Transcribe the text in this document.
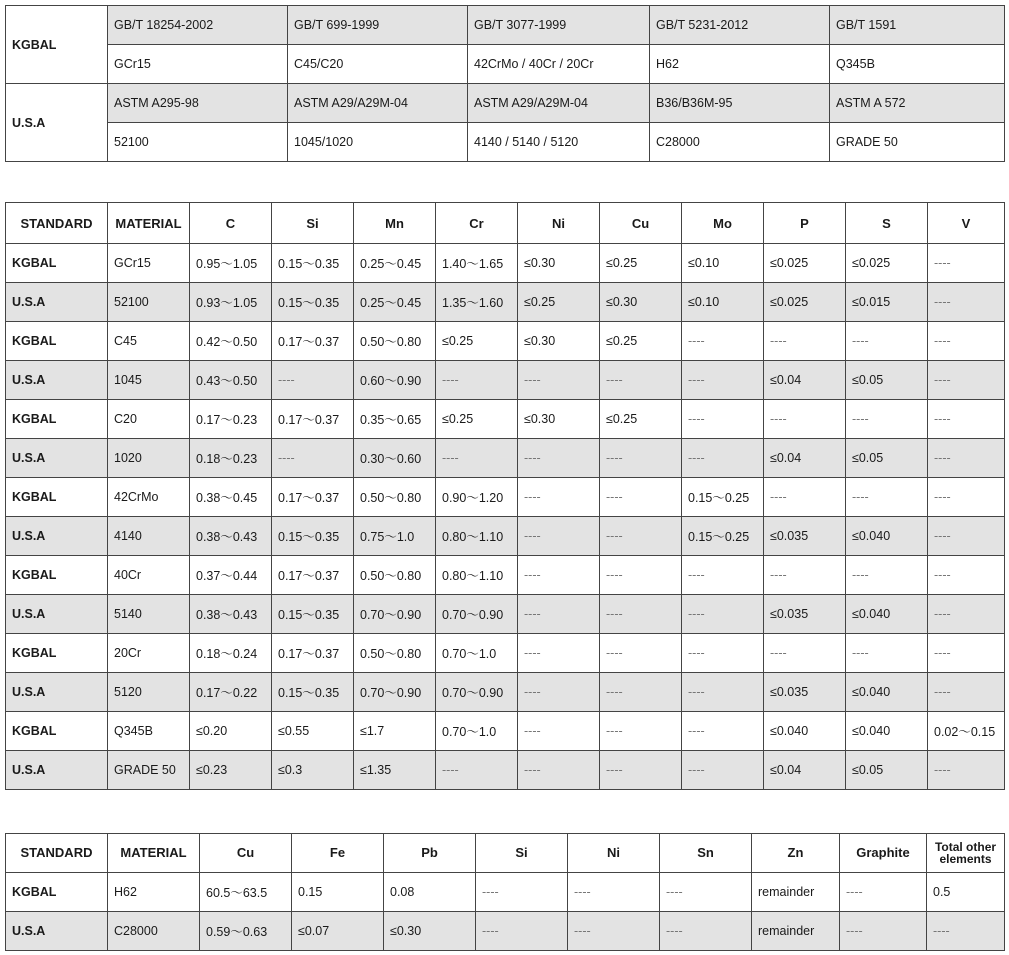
KGBAL	GB/T 18254-2002	GB/T 699-1999	GB/T 3077-1999	GB/T 5231-2012	GB/T 1591
	GCr15	C45/C20	42CrMo / 40Cr / 20Cr	H62	Q345B
U.S.A	ASTM A295-98	ASTM A29/A29M-04	ASTM A29/A29M-04	B36/B36M-95	ASTM A 572
	52100	1045/1020	4140 / 5140 / 5120	C28000	GRADE 50
STANDARD	MATERIAL	C	Si	Mn	Cr	Ni	Cu	Mo	P	S	V
KGBAL	GCr15	0.95～1.05	0.15～0.35	0.25～0.45	1.40～1.65	≤0.30	≤0.25	≤0.10	≤0.025	≤0.025	----
U.S.A	52100	0.93～1.05	0.15～0.35	0.25～0.45	1.35～1.60	≤0.25	≤0.30	≤0.10	≤0.025	≤0.015	----
KGBAL	C45	0.42～0.50	0.17～0.37	0.50～0.80	≤0.25	≤0.30	≤0.25	----	----	----	----
U.S.A	1045	0.43～0.50	----	0.60～0.90	----	----	----	----	≤0.04	≤0.05	----
KGBAL	C20	0.17～0.23	0.17～0.37	0.35～0.65	≤0.25	≤0.30	≤0.25	----	----	----	----
U.S.A	1020	0.18～0.23	----	0.30～0.60	----	----	----	----	≤0.04	≤0.05	----
KGBAL	42CrMo	0.38～0.45	0.17～0.37	0.50～0.80	0.90～1.20	----	----	0.15～0.25	----	----	----
U.S.A	4140	0.38～0.43	0.15～0.35	0.75～1.0	0.80～1.10	----	----	0.15～0.25	≤0.035	≤0.040	----
KGBAL	40Cr	0.37～0.44	0.17～0.37	0.50～0.80	0.80～1.10	----	----	----	----	----	----
U.S.A	5140	0.38～0.43	0.15～0.35	0.70～0.90	0.70～0.90	----	----	----	≤0.035	≤0.040	----
KGBAL	20Cr	0.18～0.24	0.17～0.37	0.50～0.80	0.70～1.0	----	----	----	----	----	----
U.S.A	5120	0.17～0.22	0.15～0.35	0.70～0.90	0.70～0.90	----	----	----	≤0.035	≤0.040	----
KGBAL	Q345B	≤0.20	≤0.55	≤1.7	0.70～1.0	----	----	----	≤0.040	≤0.040	0.02～0.15
U.S.A	GRADE 50	≤0.23	≤0.3	≤1.35	----	----	----	----	≤0.04	≤0.05	----
STANDARD	MATERIAL	Cu	Fe	Pb	Si	Ni	Sn	Zn	Graphite	Total other elements
KGBAL	H62	60.5～63.5	0.15	0.08	----	----	----	remainder	----	0.5
U.S.A	C28000	0.59～0.63	≤0.07	≤0.30	----	----	----	remainder	----	----
